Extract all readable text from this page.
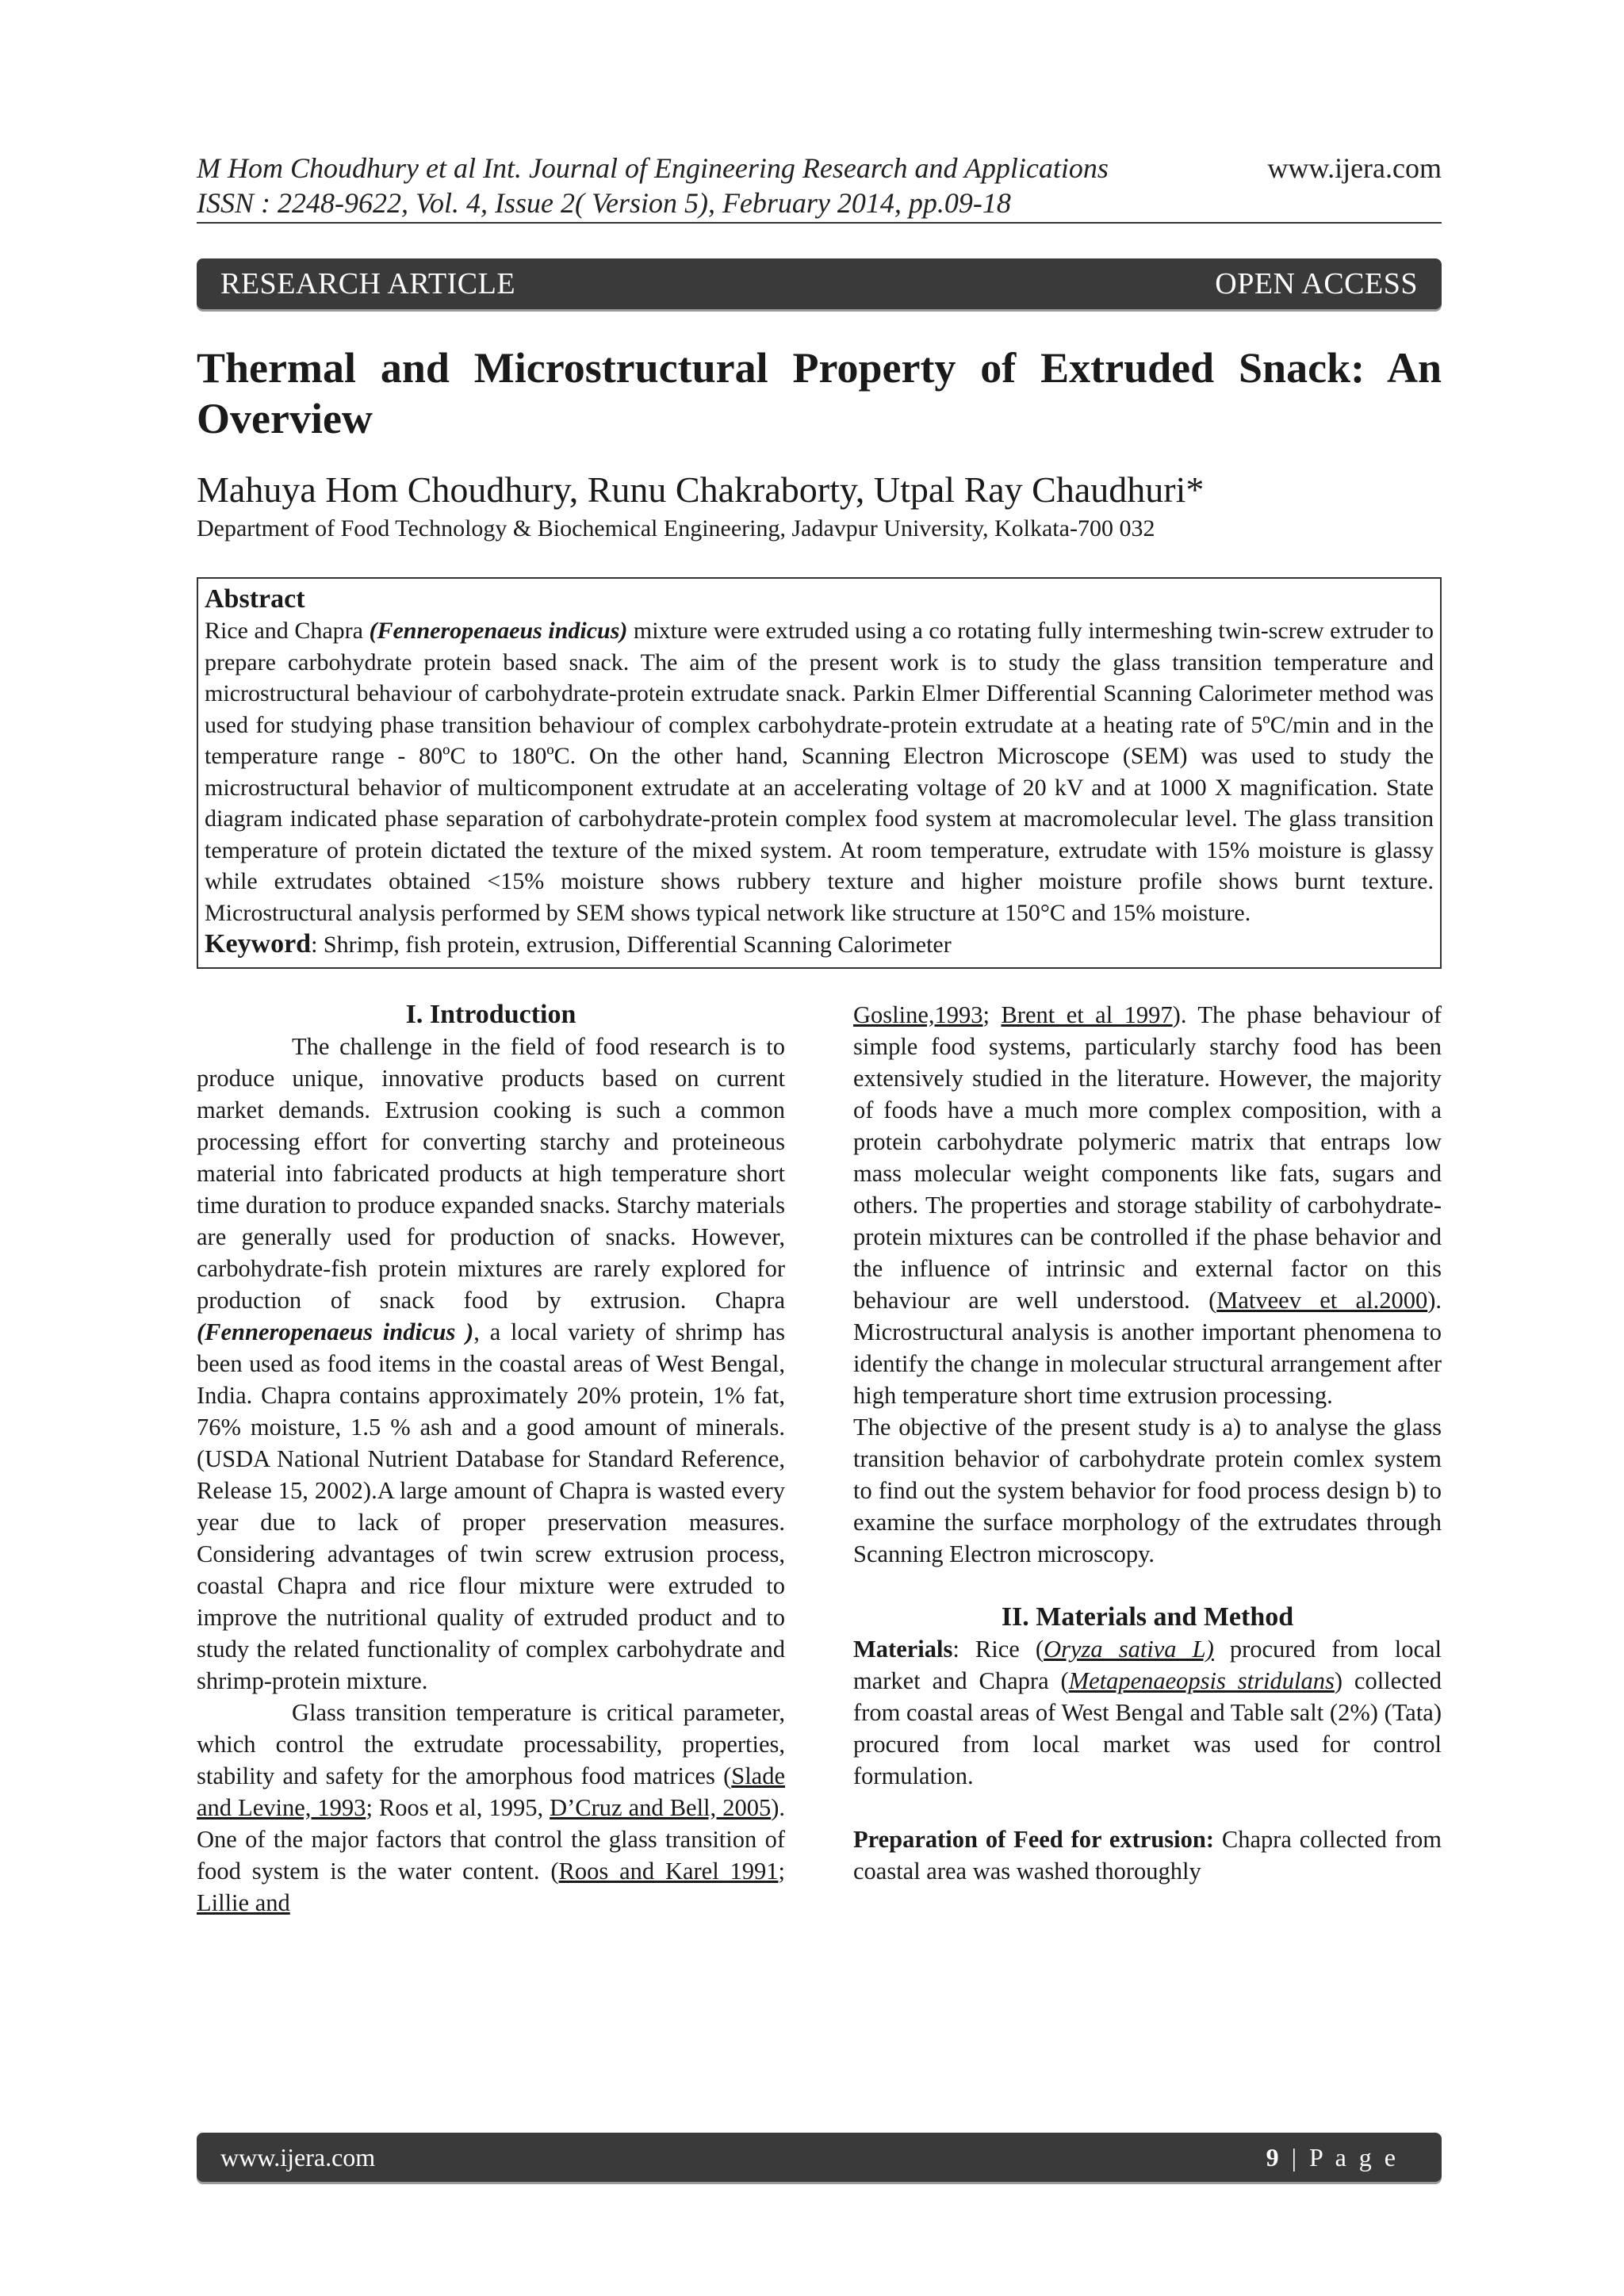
M Hom Choudhury et al Int. Journal of Engineering Research and Applications
ISSN : 2248-9622, Vol. 4, Issue 2( Version 5), February 2014, pp.09-18
www.ijera.com
RESEARCH ARTICLE	OPEN ACCESS
Thermal and Microstructural Property of Extruded Snack: An Overview
Mahuya Hom Choudhury, Runu Chakraborty, Utpal Ray Chaudhuri*
Department of Food Technology & Biochemical Engineering, Jadavpur University, Kolkata-700 032
Abstract

Rice and Chapra (Fenneropenaeus indicus) mixture were extruded using a co rotating fully intermeshing twin-screw extruder to prepare carbohydrate protein based snack. The aim of the present work is to study the glass transition temperature and microstructural behaviour of carbohydrate-protein extrudate snack. Parkin Elmer Differential Scanning Calorimeter method was used for studying phase transition behaviour of complex carbohydrate-protein extrudate at a heating rate of 5ºC/min and in the temperature range - 80ºC to 180ºC. On the other hand, Scanning Electron Microscope (SEM) was used to study the microstructural behavior of multicomponent extrudate at an accelerating voltage of 20 kV and at 1000 X magnification. State diagram indicated phase separation of carbohydrate-protein complex food system at macromolecular level. The glass transition temperature of protein dictated the texture of the mixed system. At room temperature, extrudate with 15% moisture is glassy while extrudates obtained <15% moisture shows rubbery texture and higher moisture profile shows burnt texture. Microstructural analysis performed by SEM shows typical network like structure at 150°C and 15% moisture.

Keyword: Shrimp, fish protein, extrusion, Differential Scanning Calorimeter
I. Introduction

The challenge in the field of food research is to produce unique, innovative products based on current market demands. Extrusion cooking is such a common processing effort for converting starchy and proteineous material into fabricated products at high temperature short time duration to produce expanded snacks. Starchy materials are generally used for production of snacks. However, carbohydrate-fish protein mixtures are rarely explored for production of snack food by extrusion. Chapra (Fenneropenaeus indicus ), a local variety of shrimp has been used as food items in the coastal areas of West Bengal, India. Chapra contains approximately 20% protein, 1% fat, 76% moisture, 1.5 % ash and a good amount of minerals. (USDA National Nutrient Database for Standard Reference, Release 15, 2002).A large amount of Chapra is wasted every year due to lack of proper preservation measures. Considering advantages of twin screw extrusion process, coastal Chapra and rice flour mixture were extruded to improve the nutritional quality of extruded product and to study the related functionality of complex carbohydrate and shrimp-protein mixture.

Glass transition temperature is critical parameter, which control the extrudate processability, properties, stability and safety for the amorphous food matrices (Slade and Levine, 1993; Roos et al, 1995, D’Cruz and Bell, 2005). One of the major factors that control the glass transition of food system is the water content. (Roos and Karel 1991; Lillie and

Gosline,1993; Brent et al 1997). The phase behaviour of simple food systems, particularly starchy food has been extensively studied in the literature. However, the majority of foods have a much more complex composition, with a protein carbohydrate polymeric matrix that entraps low mass molecular weight components like fats, sugars and others. The properties and storage stability of carbohydrate-protein mixtures can be controlled if the phase behavior and the influence of intrinsic and external factor on this behaviour are well understood. (Matveev et al.2000). Microstructural analysis is another important phenomena to identify the change in molecular structural arrangement after high temperature short time extrusion processing.

The objective of the present study is a) to analyse the glass transition behavior of carbohydrate protein comlex system to find out the system behavior for food process design b) to examine the surface morphology of the extrudates through Scanning Electron microscopy.

II. Materials and Method

Materials: Rice (Oryza sativa L) procured from local market and Chapra (Metapenaeopsis stridulans) collected from coastal areas of West Bengal and Table salt (2%) (Tata) procured from local market was used for control formulation.

Preparation of Feed for extrusion: Chapra collected from coastal area was washed thoroughly

www.ijera.com	9 | P a g e
